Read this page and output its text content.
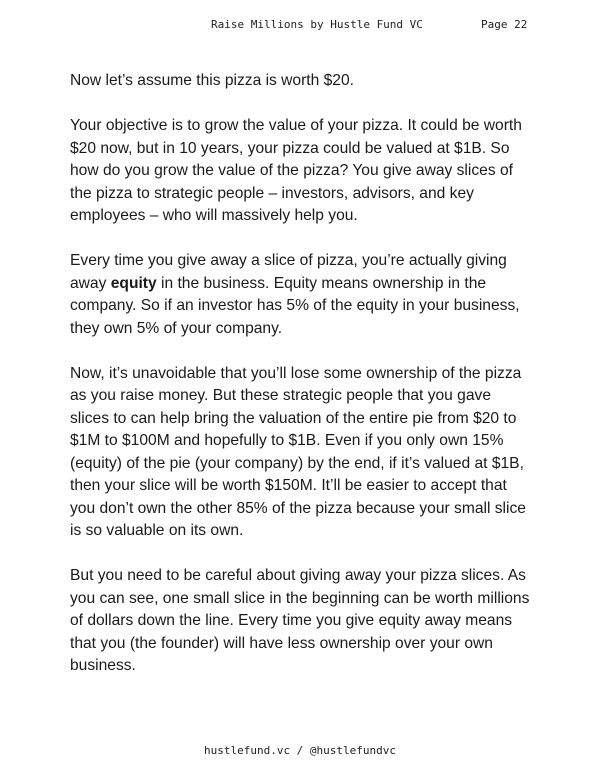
Raise Millions by Hustle Fund VC	Page 22

Now let’s assume this pizza is worth $20.

Your objective is to grow the value of your pizza. It could be worth $20 now, but in 10 years, your pizza could be valued at $1B. So how do you grow the value of the pizza? You give away slices of the pizza to strategic people – investors, advisors, and key employees – who will massively help you.

Every time you give away a slice of pizza, you’re actually giving away equity in the business. Equity means ownership in the company. So if an investor has 5% of the equity in your business, they own 5% of your company.

Now, it’s unavoidable that you’ll lose some ownership of the pizza as you raise money. But these strategic people that you gave slices to can help bring the valuation of the entire pie from $20 to $1M to $100M and hopefully to $1B. Even if you only own 15% (equity) of the pie (your company) by the end, if it’s valued at $1B, then your slice will be worth $150M. It’ll be easier to accept that you don’t own the other 85% of the pizza because your small slice is so valuable on its own.

But you need to be careful about giving away your pizza slices. As you can see, one small slice in the beginning can be worth millions of dollars down the line. Every time you give equity away means that you (the founder) will have less ownership over your own business.

hustlefund.vc / @hustlefundvc
